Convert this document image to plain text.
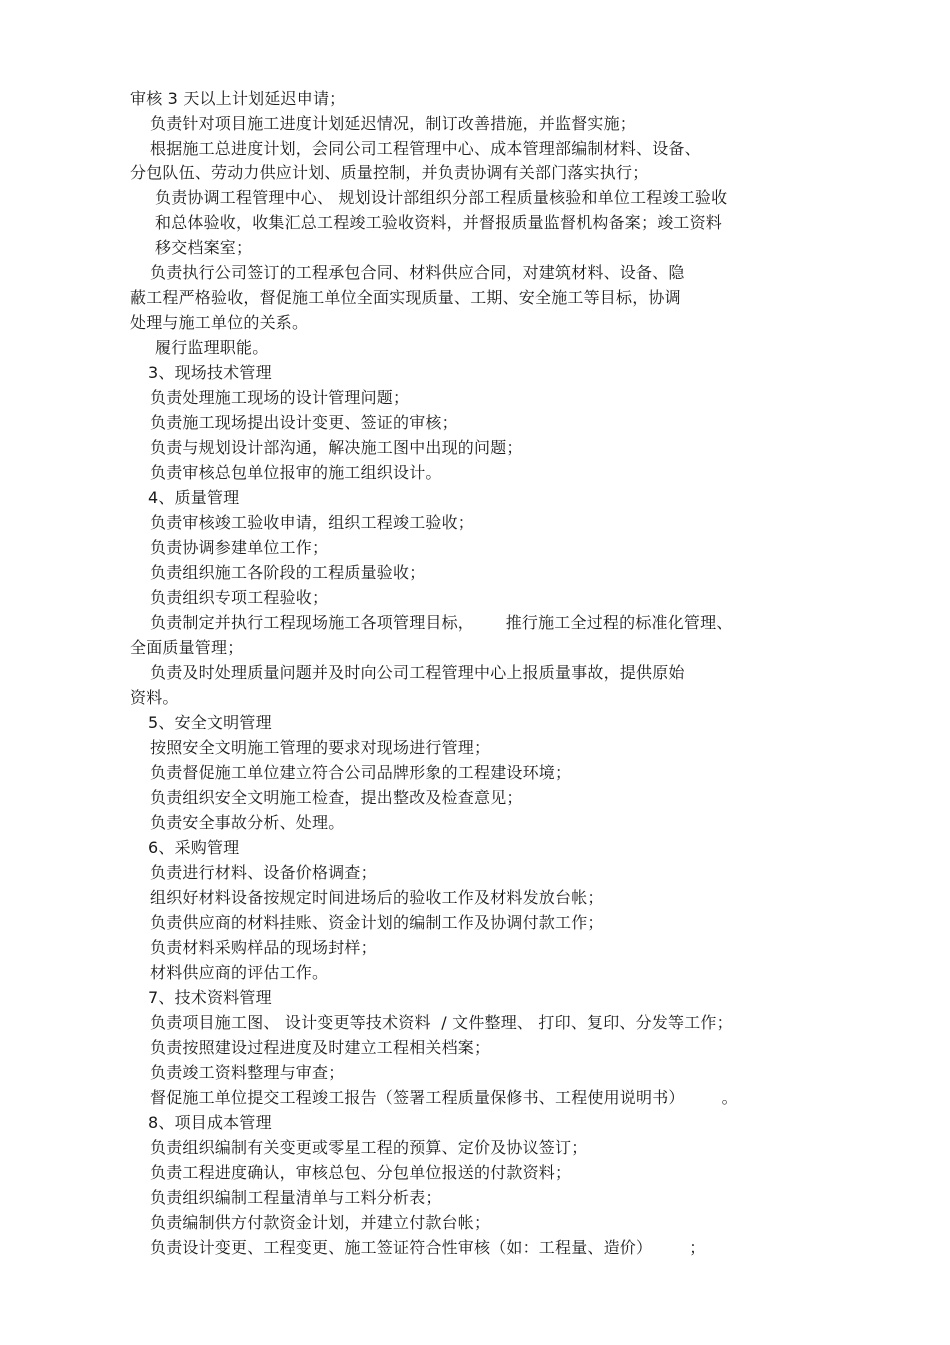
审核 3 天以上计划延迟申请；
负责针对项目施工进度计划延迟情况，制订改善措施，并监督实施；
根据施工总进度计划，会同公司工程管理中心、成本管理部编制材料、设备、
分包队伍、劳动力供应计划、质量控制，并负责协调有关部门落实执行；
负责协调工程管理中心、 规划设计部组织分部工程质量核验和单位工程竣工验收
和总体验收，收集汇总工程竣工验收资料，并督报质量监督机构备案；竣工资料
移交档案室；
负责执行公司签订的工程承包合同、材料供应合同，对建筑材料、设备、隐
蔽工程严格验收，督促施工单位全面实现质量、工期、安全施工等目标，协调
处理与施工单位的关系。
履行监理职能。
3、现场技术管理
负责处理施工现场的设计管理问题；
负责施工现场提出设计变更、签证的审核；
负责与规划设计部沟通，解决施工图中出现的问题；
负责审核总包单位报审的施工组织设计。
4、质量管理
负责审核竣工验收申请，组织工程竣工验收；
负责协调参建单位工作；
负责组织施工各阶段的工程质量验收；
负责组织专项工程验收；
负责制定并执行工程现场施工各项管理目标，      推行施工全过程的标准化管理、
全面质量管理；
负责及时处理质量问题并及时向公司工程管理中心上报质量事故，提供原始
资料。
5、安全文明管理
按照安全文明施工管理的要求对现场进行管理；
负责督促施工单位建立符合公司品牌形象的工程建设环境；
负责组织安全文明施工检查，提出整改及检查意见；
负责安全事故分析、处理。
6、采购管理
负责进行材料、设备价格调查；
组织好材料设备按规定时间进场后的验收工作及材料发放台帐；
负责供应商的材料挂账、资金计划的编制工作及协调付款工作；
负责材料采购样品的现场封样；
材料供应商的评估工作。
7、技术资料管理
负责项目施工图、 设计变更等技术资料  / 文件整理、 打印、复印、分发等工作；
负责按照建设过程进度及时建立工程相关档案；
负责竣工资料整理与审查；
督促施工单位提交工程竣工报告（签署工程质量保修书、工程使用说明书）       。
8、项目成本管理
负责组织编制有关变更或零星工程的预算、定价及协议签订；
负责工程进度确认，审核总包、分包单位报送的付款资料；
负责组织编制工程量清单与工料分析表；
负责编制供方付款资金计划，并建立付款台帐；
负责设计变更、工程变更、施工签证符合性审核（如：工程量、造价）       ；
